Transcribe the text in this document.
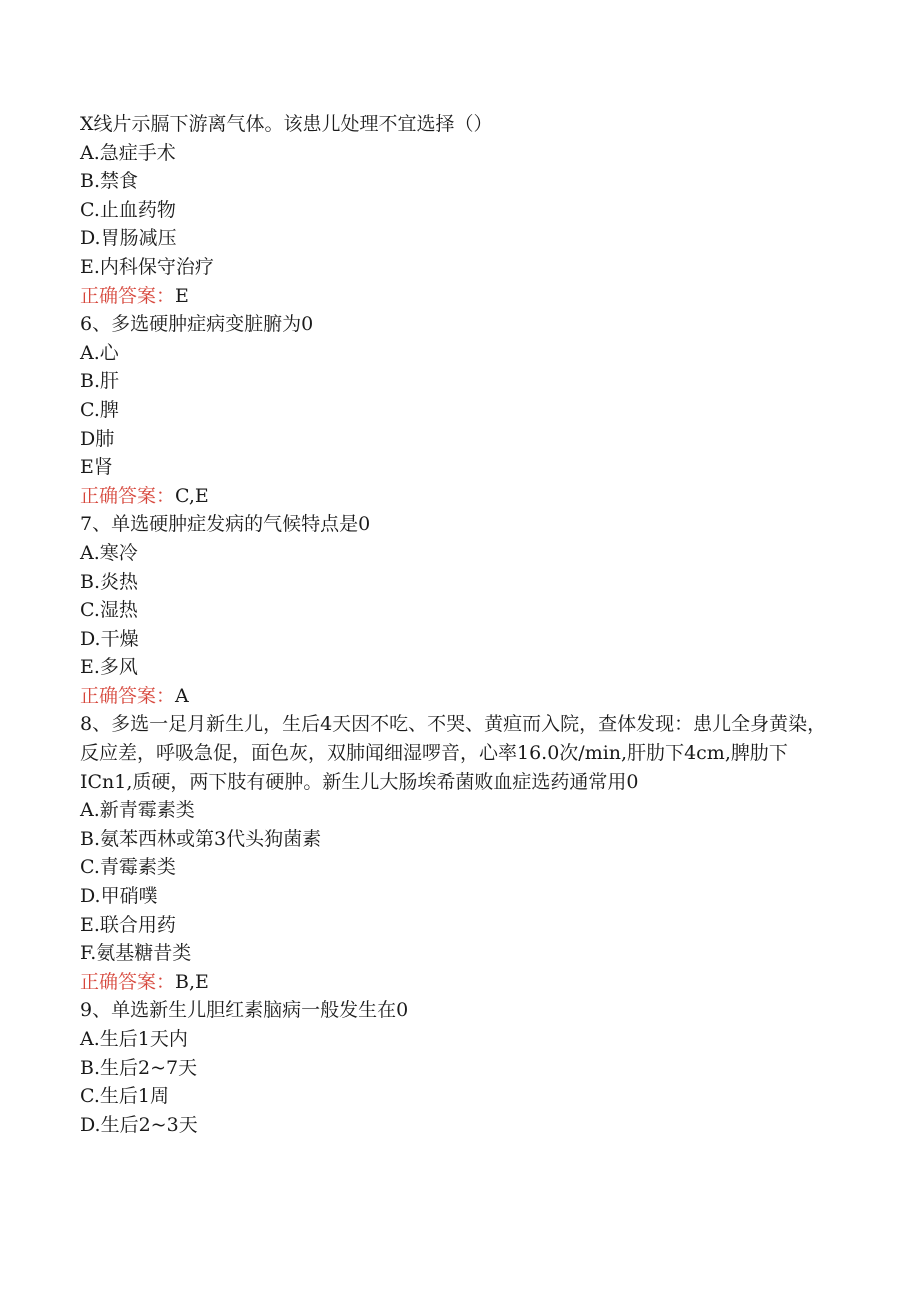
X线片示膈下游离气体。该患儿处理不宜选择（）

A.急症手术

B.禁食

C.止血药物

D.胃肠减压

E.内科保守治疗

正确答案：E

6、多选硬肿症病变脏腑为0

A.心

B.肝

C.脾

D肺

E肾

正确答案：C,E

7、单选硬肿症发病的气候特点是0

A.寒冷

B.炎热

C.湿热

D.干燥

E.多风

正确答案：A

8、多选一足月新生儿，生后4天因不吃、不哭、黄疸而入院，查体发现：患儿全身黄染，反应差，呼吸急促，面色灰，双肺闻细湿啰音，心率16.0次/min,肝肋下4cm,脾肋下ICn1,质硬，两下肢有硬肿。新生儿大肠埃希菌败血症选药通常用0

A.新青霉素类

B.氨苯西林或第3代头狗菌素

C.青霉素类

D.甲硝噗

E.联合用药

F.氨基糖昔类

正确答案：B,E

9、单选新生儿胆红素脑病一般发生在0

A.生后1天内

B.生后2~7天

C.生后1周

D.生后2~3天
